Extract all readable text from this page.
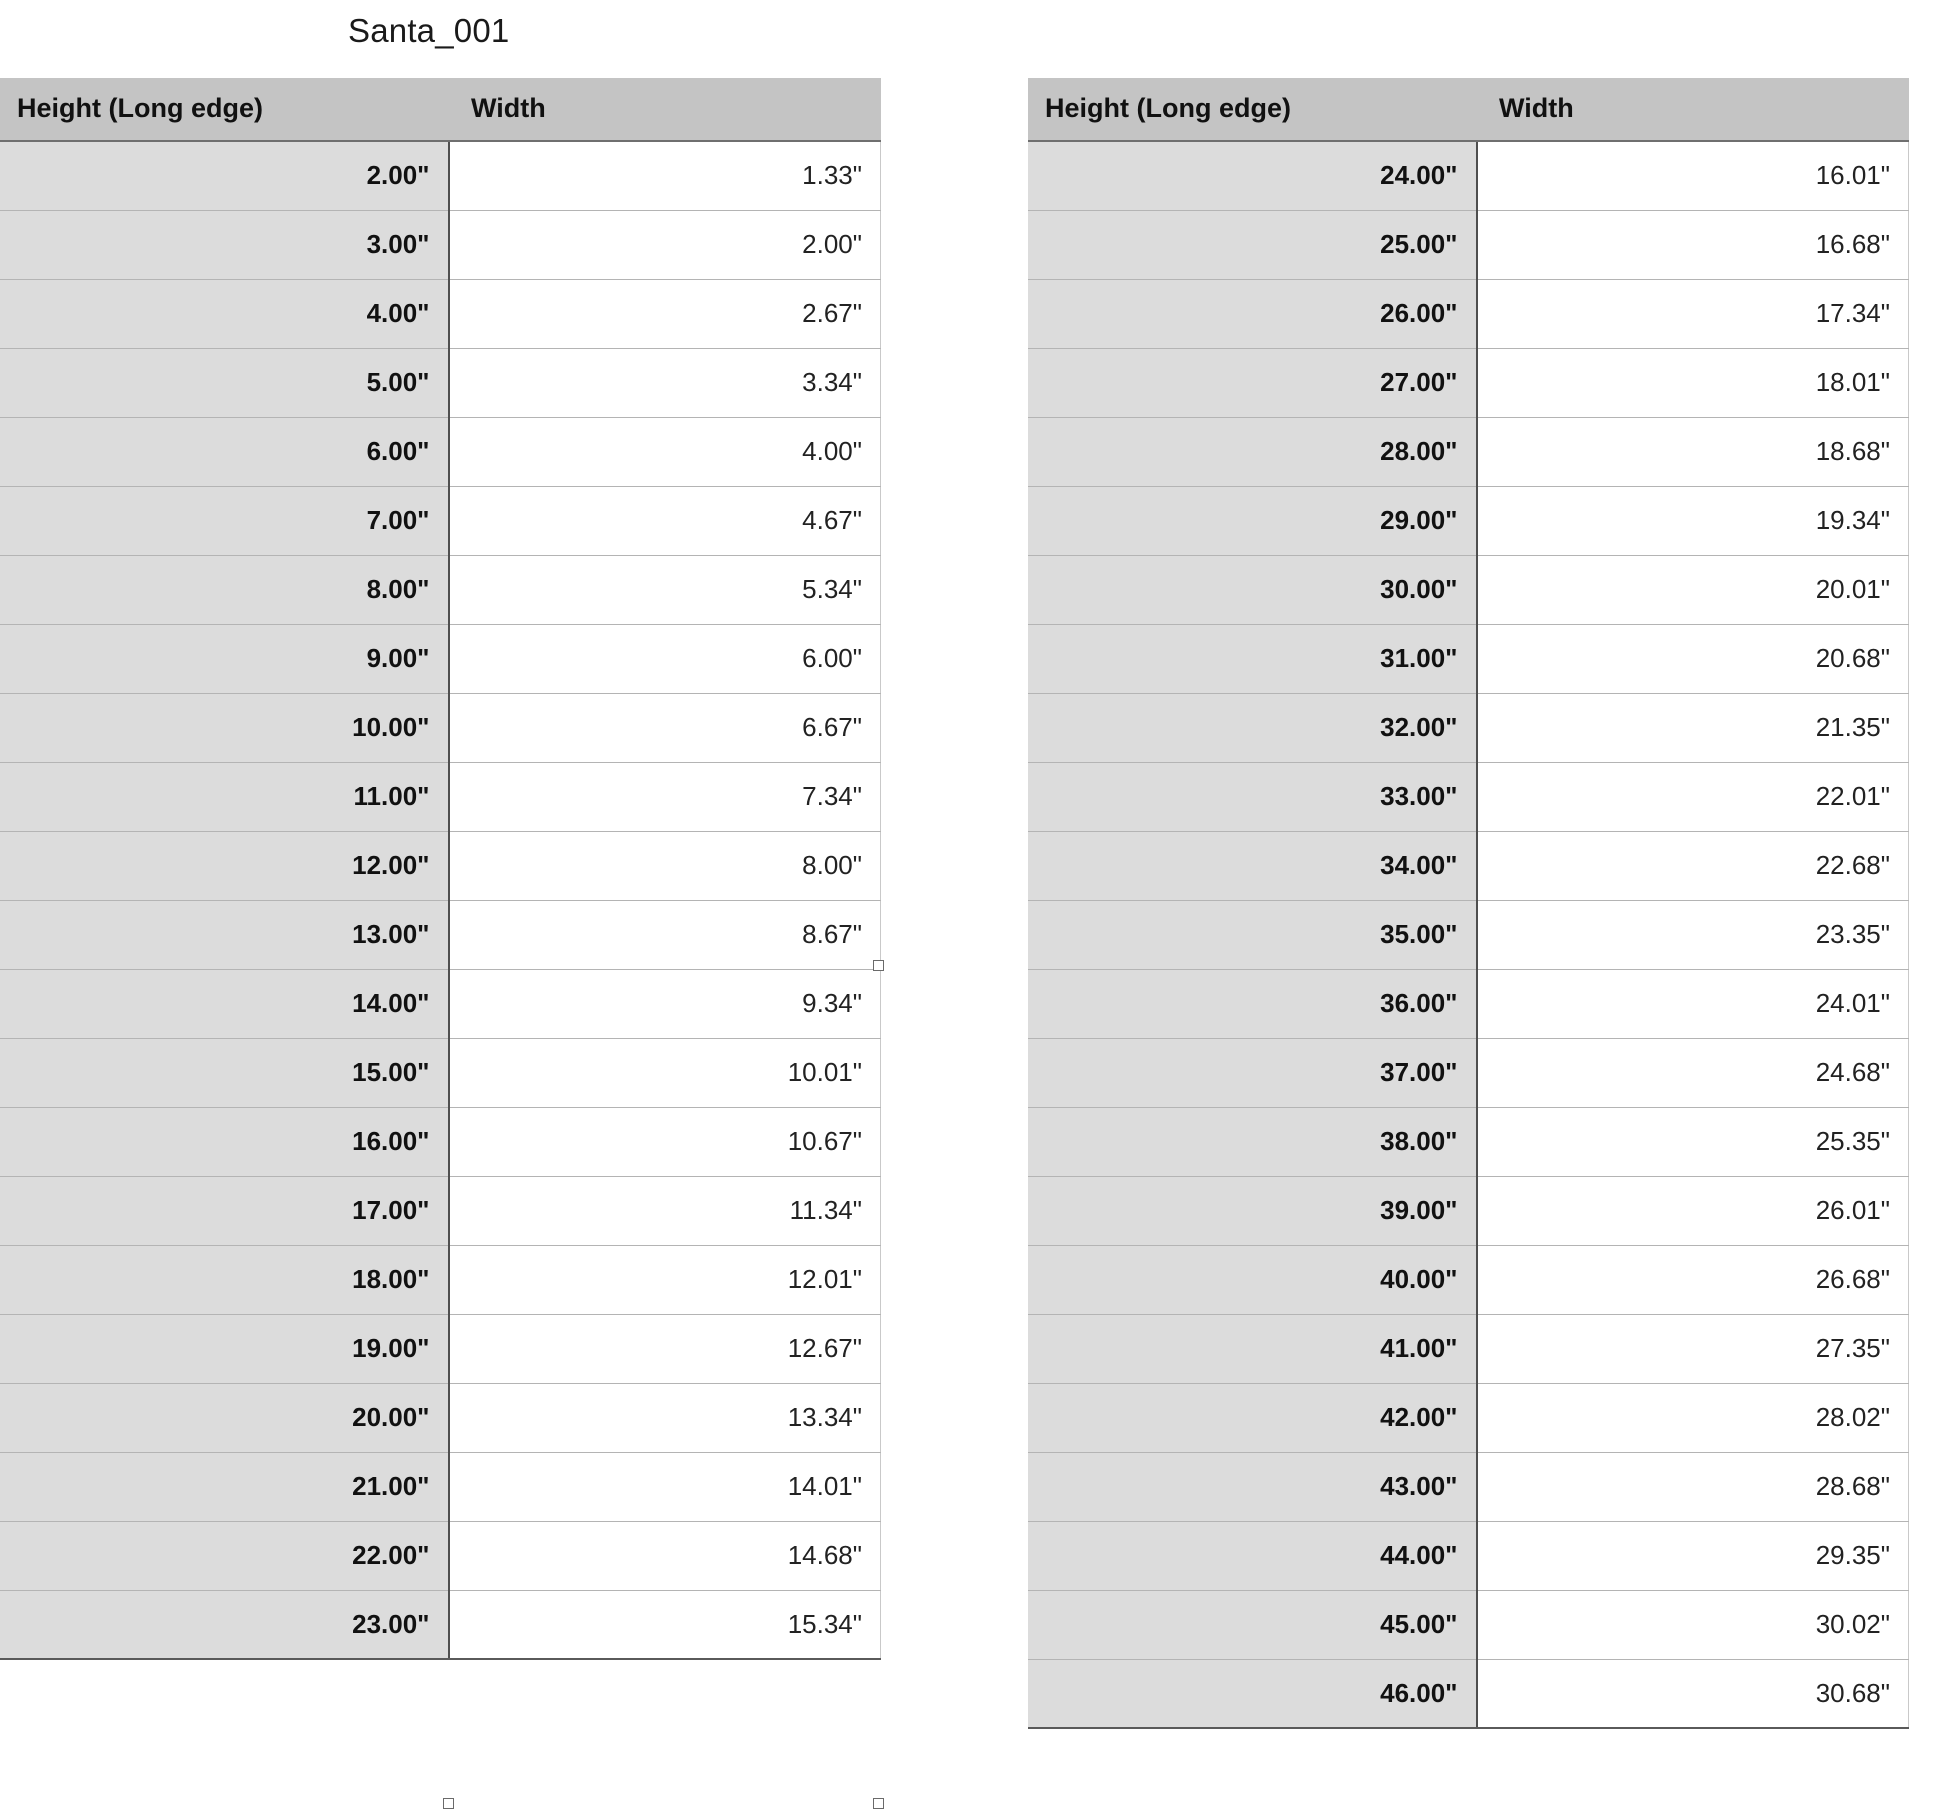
Santa_001
Height (Long edge)	Width
2.00"	1.33"
3.00"	2.00"
4.00"	2.67"
5.00"	3.34"
6.00"	4.00"
7.00"	4.67"
8.00"	5.34"
9.00"	6.00"
10.00"	6.67"
11.00"	7.34"
12.00"	8.00"
13.00"	8.67"
14.00"	9.34"
15.00"	10.01"
16.00"	10.67"
17.00"	11.34"
18.00"	12.01"
19.00"	12.67"
20.00"	13.34"
21.00"	14.01"
22.00"	14.68"
23.00"	15.34"
Height (Long edge)	Width
24.00"	16.01"
25.00"	16.68"
26.00"	17.34"
27.00"	18.01"
28.00"	18.68"
29.00"	19.34"
30.00"	20.01"
31.00"	20.68"
32.00"	21.35"
33.00"	22.01"
34.00"	22.68"
35.00"	23.35"
36.00"	24.01"
37.00"	24.68"
38.00"	25.35"
39.00"	26.01"
40.00"	26.68"
41.00"	27.35"
42.00"	28.02"
43.00"	28.68"
44.00"	29.35"
45.00"	30.02"
46.00"	30.68"
